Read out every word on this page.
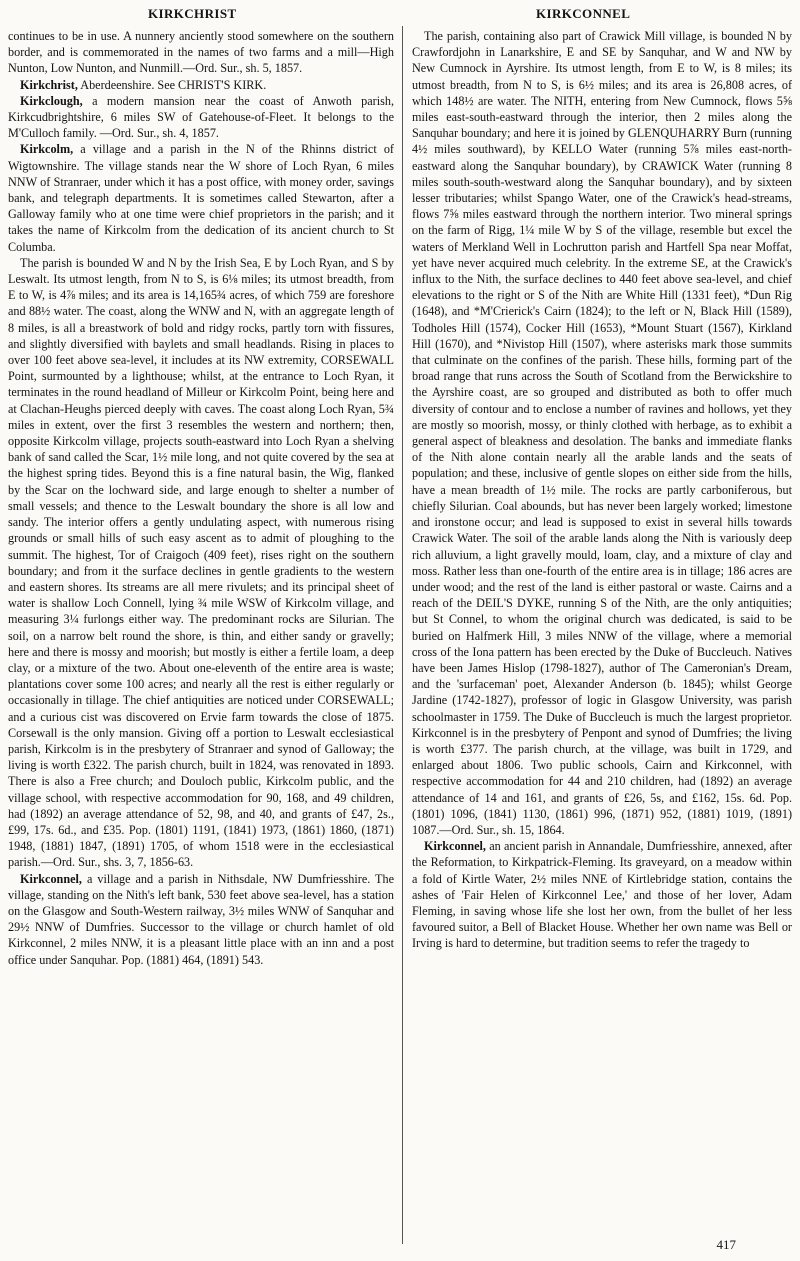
KIRKCHRIST	KIRKCONNEL

continues to be in use. A nunnery anciently stood somewhere on the southern border, and is commemorated in the names of two farms and a mill—High Nunton, Low Nunton, and Nunmill.—Ord. Sur., sh. 5, 1857.

Kirkchrist, Aberdeenshire. See CHRIST'S KIRK.

Kirkclough, a modern mansion near the coast of Anwoth parish, Kirkcudbrightshire, 6 miles SW of Gatehouse-of-Fleet. It belongs to the M'Culloch family. —Ord. Sur., sh. 4, 1857.

Kirkcolm, a village and a parish in the N of the Rhinns district of Wigtownshire. The village stands near the W shore of Loch Ryan, 6 miles NNW of Stranraer, under which it has a post office, with money order, savings bank, and telegraph departments. It is sometimes called Stewarton, after a Galloway family who at one time were chief proprietors in the parish; and it takes the name of Kirkcolm from the dedication of its ancient church to St Columba.

The parish is bounded W and N by the Irish Sea, E by Loch Ryan, and S by Leswalt. Its utmost length, from N to S, is 6⅛ miles; its utmost breadth, from E to W, is 4⅞ miles; and its area is 14,165¾ acres, of which 759 are foreshore and 88½ water. The coast, along the WNW and N, with an aggregate length of 8 miles, is all a breastwork of bold and ridgy rocks, partly torn with fissures, and slightly diversified with baylets and small headlands. Rising in places to over 100 feet above sea-level, it includes at its NW extremity, CORSEWALL Point, surmounted by a lighthouse; whilst, at the entrance to Loch Ryan, it terminates in the round headland of Milleur or Kirkcolm Point, being here and at Clachan-Heughs pierced deeply with caves. The coast along Loch Ryan, 5¾ miles in extent, over the first 3 resembles the western and northern; then, opposite Kirkcolm village, projects south-eastward into Loch Ryan a shelving bank of sand called the Scar, 1½ mile long, and not quite covered by the sea at the highest spring tides. Beyond this is a fine natural basin, the Wig, flanked by the Scar on the lochward side, and large enough to shelter a number of small vessels; and thence to the Leswalt boundary the shore is all low and sandy. The interior offers a gently undulating aspect, with numerous rising grounds or small hills of such easy ascent as to admit of ploughing to the summit. The highest, Tor of Craigoch (409 feet), rises right on the southern boundary; and from it the surface declines in gentle gradients to the western and eastern shores. Its streams are all mere rivulets; and its principal sheet of water is shallow Loch Connell, lying ¾ mile WSW of Kirkcolm village, and measuring 3¼ furlongs either way. The predominant rocks are Silurian. The soil, on a narrow belt round the shore, is thin, and either sandy or gravelly; here and there is mossy and moorish; but mostly is either a fertile loam, a deep clay, or a mixture of the two. About one-eleventh of the entire area is waste; plantations cover some 100 acres; and nearly all the rest is either regularly or occasionally in tillage. The chief antiquities are noticed under CORSEWALL; and a curious cist was discovered on Ervie farm towards the close of 1875. Corsewall is the only mansion. Giving off a portion to Leswalt ecclesiastical parish, Kirkcolm is in the presbytery of Stranraer and synod of Galloway; the living is worth £322. The parish church, built in 1824, was renovated in 1893. There is also a Free church; and Douloch public, Kirkcolm public, and the village school, with respective accommodation for 90, 168, and 49 children, had (1892) an average attendance of 52, 98, and 40, and grants of £47, 2s., £99, 17s. 6d., and £35. Pop. (1801) 1191, (1841) 1973, (1861) 1860, (1871) 1948, (1881) 1847, (1891) 1705, of whom 1518 were in the ecclesiastical parish.—Ord. Sur., shs. 3, 7, 1856-63.

Kirkconnel, a village and a parish in Nithsdale, NW Dumfriesshire. The village, standing on the Nith's left bank, 530 feet above sea-level, has a station on the Glasgow and South-Western railway, 3½ miles WNW of Sanquhar and 29½ NNW of Dumfries. Successor to the village or church hamlet of old Kirkconnel, 2 miles NNW, it is a pleasant little place with an inn and a post office under Sanquhar. Pop. (1881) 464, (1891) 543.

The parish, containing also part of Crawick Mill village, is bounded N by Crawfordjohn in Lanarkshire, E and SE by Sanquhar, and W and NW by New Cumnock in Ayrshire. Its utmost length, from E to W, is 8 miles; its utmost breadth, from N to S, is 6½ miles; and its area is 26,808 acres, of which 148½ are water. The NITH, entering from New Cumnock, flows 5⅝ miles east-south-eastward through the interior, then 2 miles along the Sanquhar boundary; and here it is joined by GLENQUHARRY Burn (running 4½ miles southward), by KELLO Water (running 5⅞ miles east-north-eastward along the Sanquhar boundary), by CRAWICK Water (running 8 miles south-south-westward along the Sanquhar boundary), and by sixteen lesser tributaries; whilst Spango Water, one of the Crawick's head-streams, flows 7⅝ miles eastward through the northern interior. Two mineral springs on the farm of Rigg, 1¼ mile W by S of the village, resemble but excel the waters of Merkland Well in Lochrutton parish and Hartfell Spa near Moffat, yet have never acquired much celebrity. In the extreme SE, at the Crawick's influx to the Nith, the surface declines to 440 feet above sea-level, and chief elevations to the right or S of the Nith are White Hill (1331 feet), *Dun Rig (1648), and *M'Crierick's Cairn (1824); to the left or N, Black Hill (1589), Todholes Hill (1574), Cocker Hill (1653), *Mount Stuart (1567), Kirkland Hill (1670), and *Nivistop Hill (1507), where asterisks mark those summits that culminate on the confines of the parish. These hills, forming part of the broad range that runs across the South of Scotland from the Berwickshire to the Ayrshire coast, are so grouped and distributed as both to offer much diversity of contour and to enclose a number of ravines and hollows, yet they are mostly so moorish, mossy, or thinly clothed with herbage, as to exhibit a general aspect of bleakness and desolation. The banks and immediate flanks of the Nith alone contain nearly all the arable lands and the seats of population; and these, inclusive of gentle slopes on either side from the hills, have a mean breadth of 1½ mile. The rocks are partly carboniferous, but chiefly Silurian. Coal abounds, but has never been largely worked; limestone and ironstone occur; and lead is supposed to exist in several hills towards Crawick Water. The soil of the arable lands along the Nith is variously deep rich alluvium, a light gravelly mould, loam, clay, and a mixture of clay and moss. Rather less than one-fourth of the entire area is in tillage; 186 acres are under wood; and the rest of the land is either pastoral or waste. Cairns and a reach of the DEIL'S DYKE, running S of the Nith, are the only antiquities; but St Connel, to whom the original church was dedicated, is said to be buried on Halfmerk Hill, 3 miles NNW of the village, where a memorial cross of the Iona pattern has been erected by the Duke of Buccleuch. Natives have been James Hislop (1798-1827), author of The Cameronian's Dream, and the 'surfaceman' poet, Alexander Anderson (b. 1845); whilst George Jardine (1742-1827), professor of logic in Glasgow University, was parish schoolmaster in 1759. The Duke of Buccleuch is much the largest proprietor. Kirkconnel is in the presbytery of Penpont and synod of Dumfries; the living is worth £377. The parish church, at the village, was built in 1729, and enlarged about 1806. Two public schools, Cairn and Kirkconnel, with respective accommodation for 44 and 210 children, had (1892) an average attendance of 14 and 161, and grants of £26, 5s, and £162, 15s. 6d. Pop. (1801) 1096, (1841) 1130, (1861) 996, (1871) 952, (1881) 1019, (1891) 1087.—Ord. Sur., sh. 15, 1864.

Kirkconnel, an ancient parish in Annandale, Dumfriesshire, annexed, after the Reformation, to Kirkpatrick-Fleming. Its graveyard, on a meadow within a fold of Kirtle Water, 2½ miles NNE of Kirtlebridge station, contains the ashes of 'Fair Helen of Kirkconnel Lee,' and those of her lover, Adam Fleming, in saving whose life she lost her own, from the bullet of her less favoured suitor, a Bell of Blacket House. Whether her own name was Bell or Irving is hard to determine, but tradition seems to refer the tragedy to

417
